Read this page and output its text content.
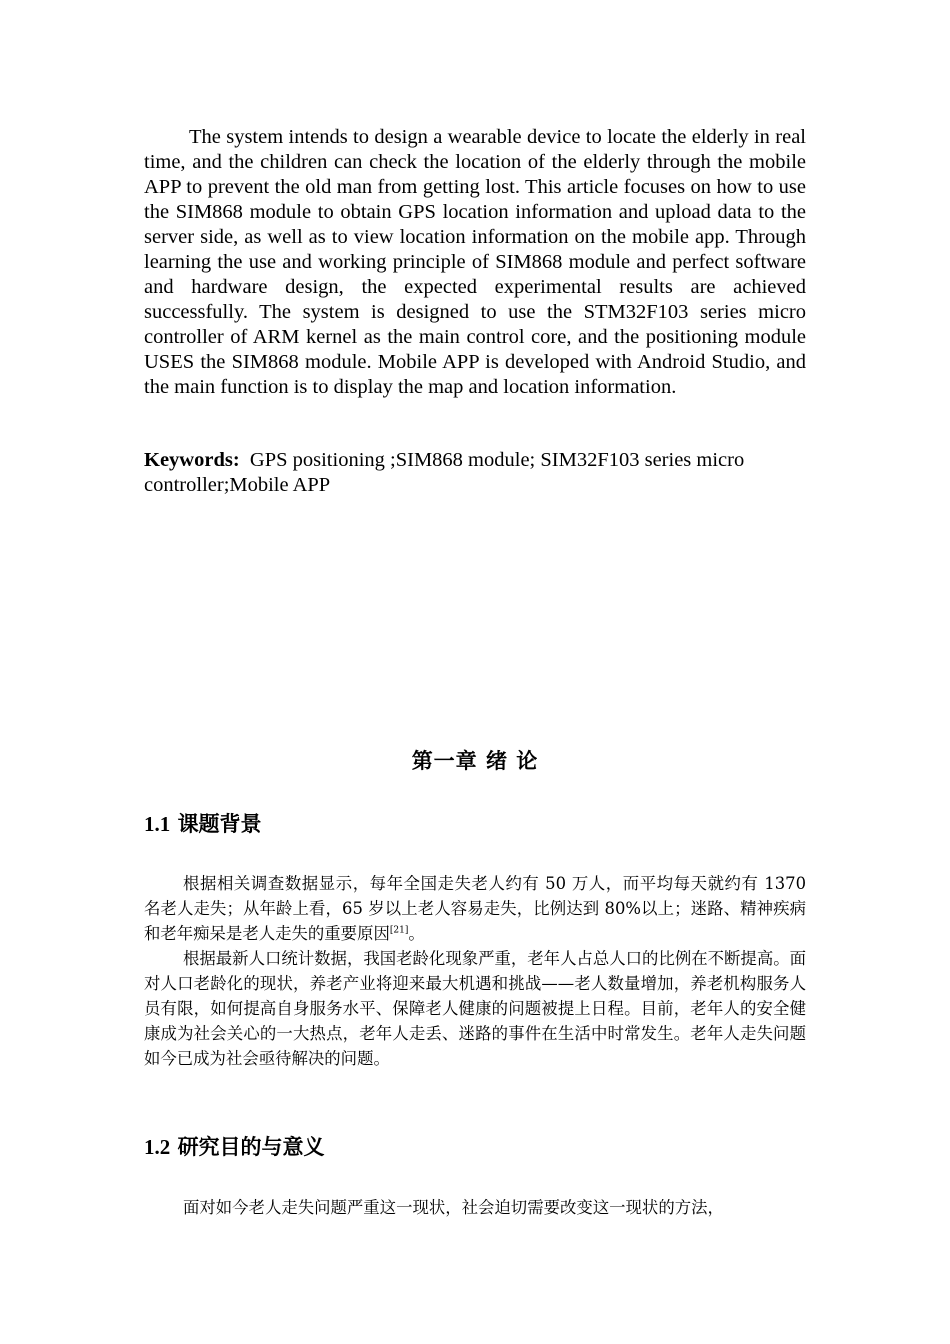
The system intends to design a wearable device to locate the elderly in real time, and the children can check the location of the elderly through the mobile APP to prevent the old man from getting lost. This article focuses on how to use the SIM868 module to obtain GPS location information and upload data to the server side, as well as to view location information on the mobile app. Through learning the use and working principle of SIM868 module and perfect software and hardware design, the expected experimental results are achieved successfully. The system is designed to use the STM32F103 series micro controller of ARM kernel as the main control core, and the positioning module USES the SIM868 module. Mobile APP is developed with Android Studio, and the main function is to display the map and location information.

Keywords: GPS positioning ;SIM868 module; SIM32F103 series micro controller;Mobile APP

第一章 绪 论
1.1 课题背景

根据相关调查数据显示，每年全国走失老人约有 50 万人，而平均每天就约有 1370 名老人走失；从年龄上看，65 岁以上老人容易走失，比例达到 80%以上；迷路、精神疾病和老年痴呆是老人走失的重要原因[21]。

根据最新人口统计数据，我国老龄化现象严重，老年人占总人口的比例在不断提高。面对人口老龄化的现状，养老产业将迎来最大机遇和挑战——老人数量增加，养老机构服务人员有限，如何提高自身服务水平、保障老人健康的问题被提上日程。目前，老年人的安全健康成为社会关心的一大热点，老年人走丢、迷路的事件在生活中时常发生。老年人走失问题如今已成为社会亟待解决的问题。

1.2 研究目的与意义

面对如今老人走失问题严重这一现状，社会迫切需要改变这一现状的方法，
